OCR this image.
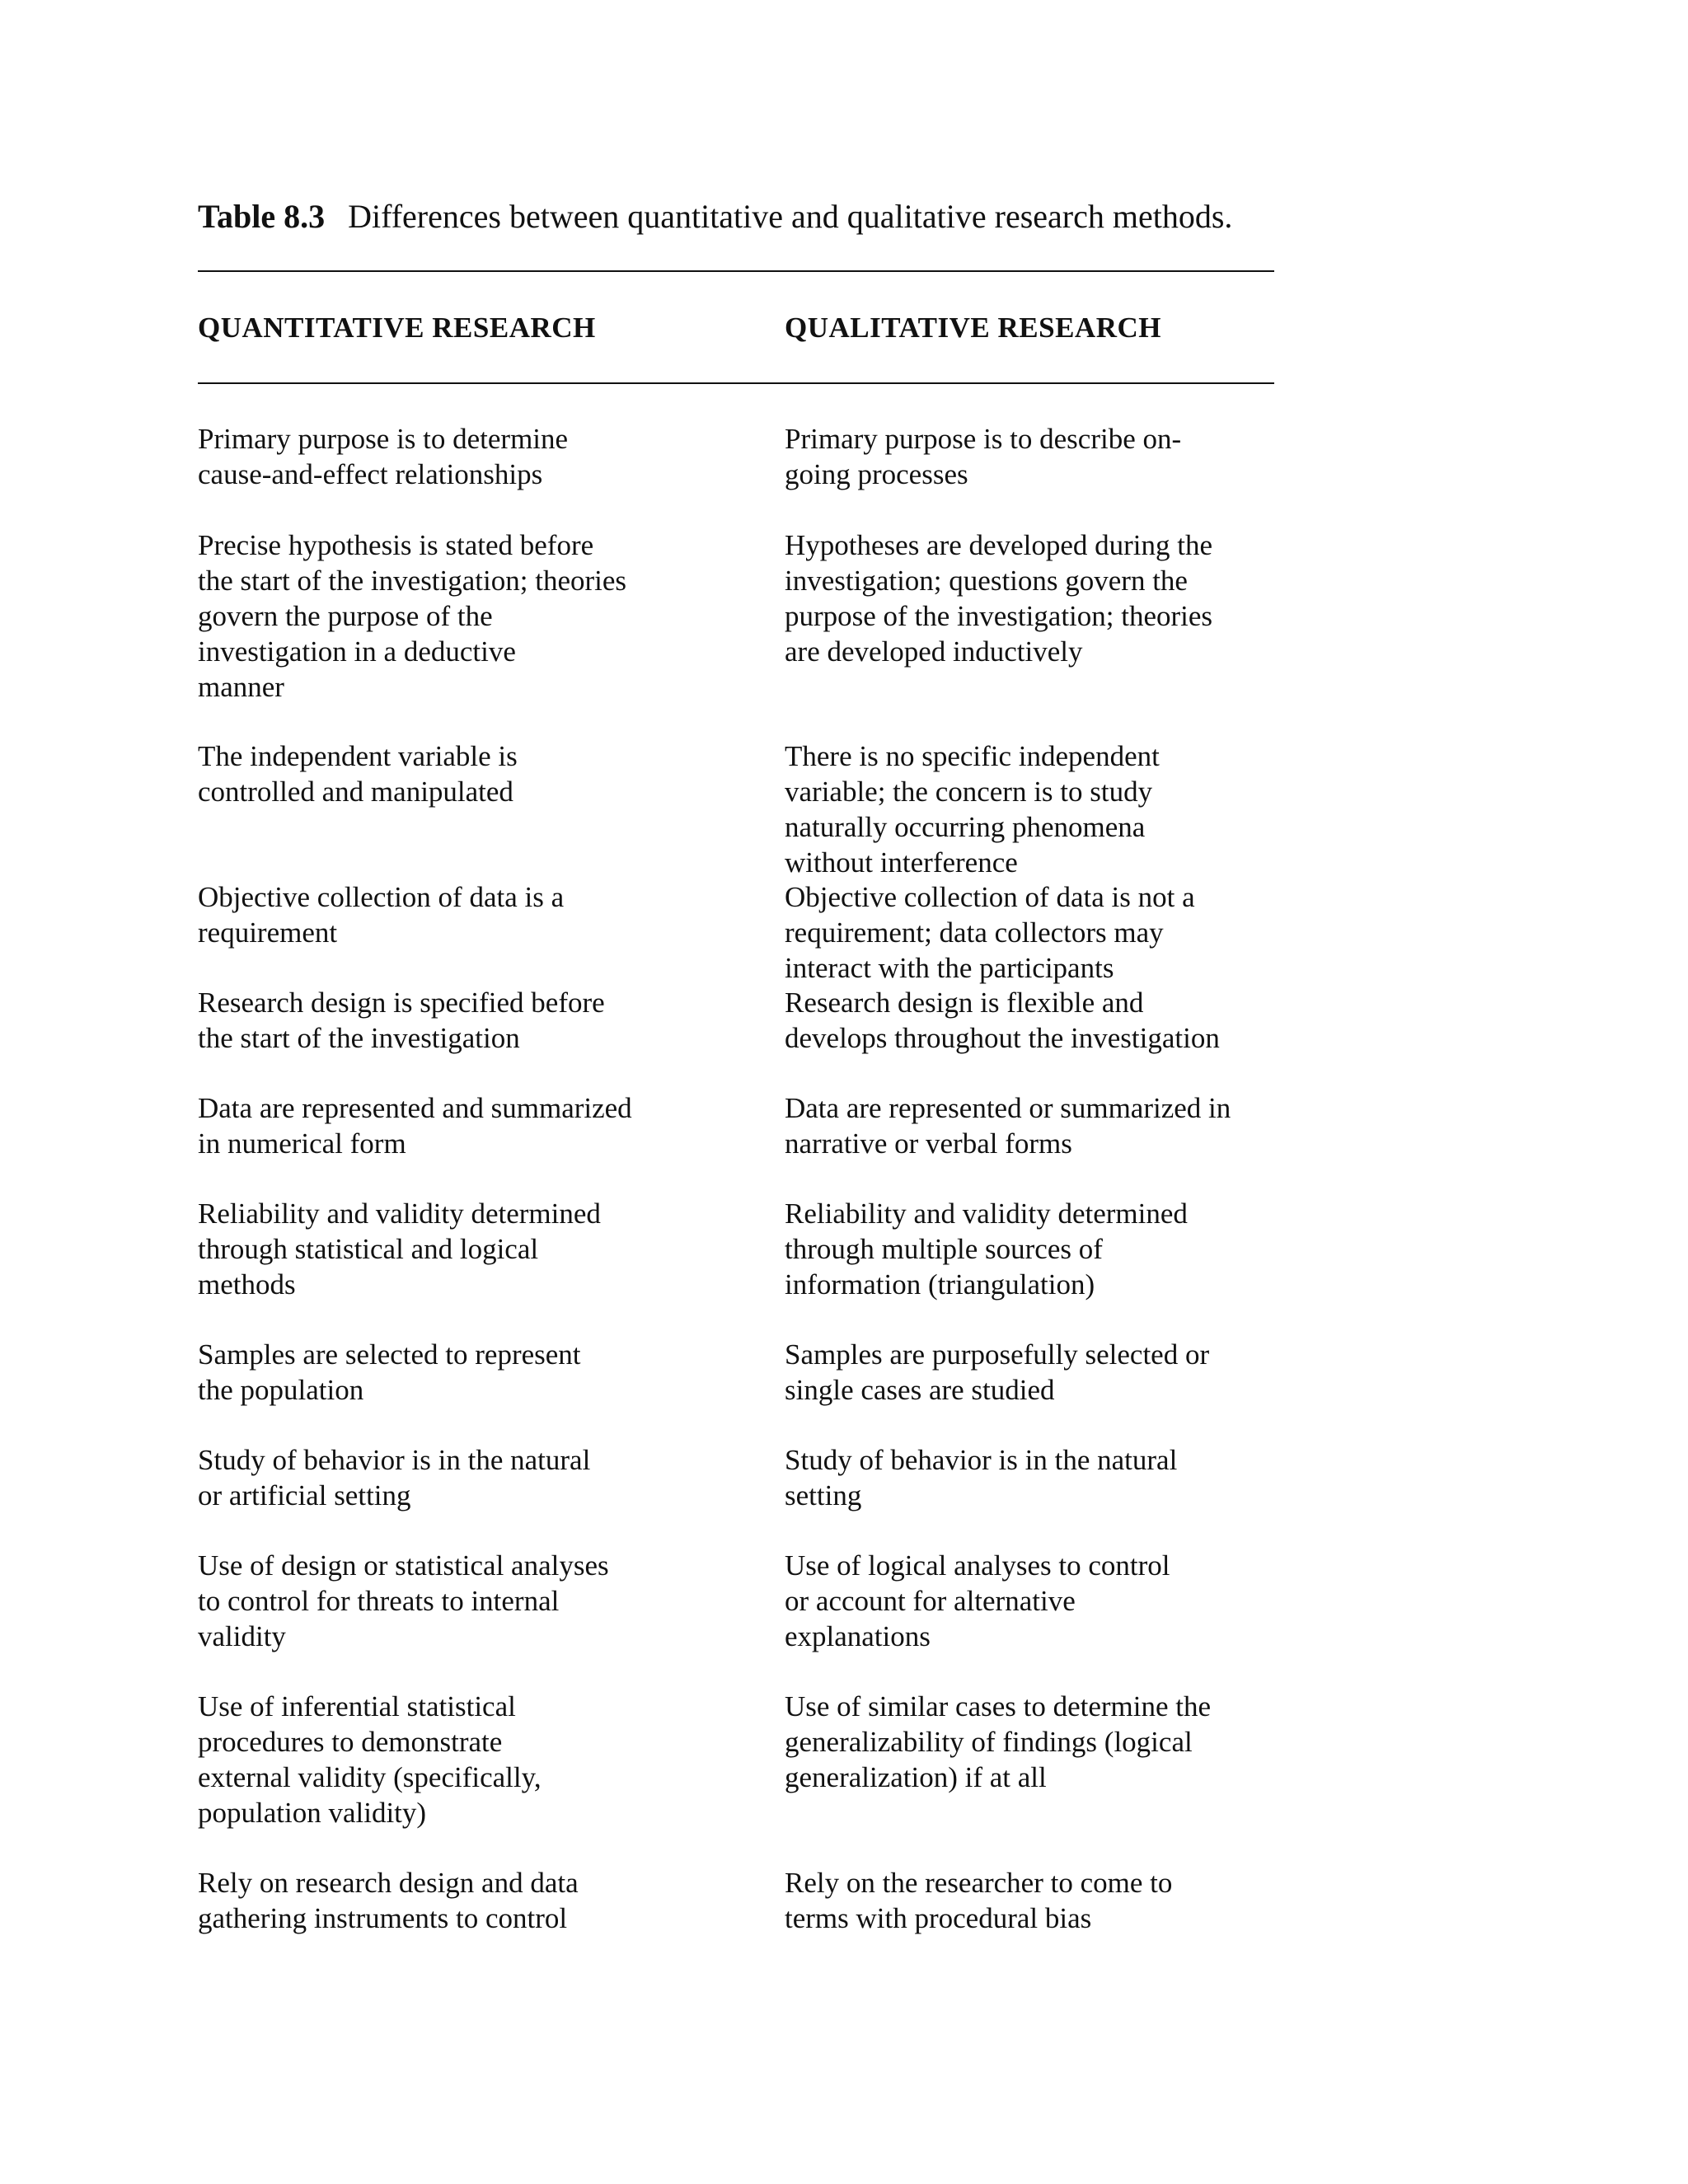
Table 8.3 Differences between quantitative and qualitative research methods.
QUANTITATIVE RESEARCH	QUALITATIVE RESEARCH
Primary purpose is to determine
cause-and-effect relationships
Primary purpose is to describe on-
going processes
Precise hypothesis is stated before
the start of the investigation; theories
govern the purpose of the
investigation in a deductive
manner
Hypotheses are developed during the
investigation; questions govern the
purpose of the investigation; theories
are developed inductively
The independent variable is
controlled and manipulated
There is no specific independent
variable; the concern is to study
naturally occurring phenomena
without interference
Objective collection of data is a
requirement
Objective collection of data is not a
requirement; data collectors may
interact with the participants
Research design is specified before
the start of the investigation
Research design is flexible and
develops throughout the investigation
Data are represented and summarized
in numerical form
Data are represented or summarized in
narrative or verbal forms
Reliability and validity determined
through statistical and logical
methods
Reliability and validity determined
through multiple sources of
information (triangulation)
Samples are selected to represent
the population
Samples are purposefully selected or
single cases are studied
Study of behavior is in the natural
or artificial setting
Study of behavior is in the natural
setting
Use of design or statistical analyses
to control for threats to internal
validity
Use of logical analyses to control
or account for alternative
explanations
Use of inferential statistical
procedures to demonstrate
external validity (specifically,
population validity)
Use of similar cases to determine the
generalizability of findings (logical
generalization) if at all
Rely on research design and data
gathering instruments to control
Rely on the researcher to come to
terms with procedural bias
